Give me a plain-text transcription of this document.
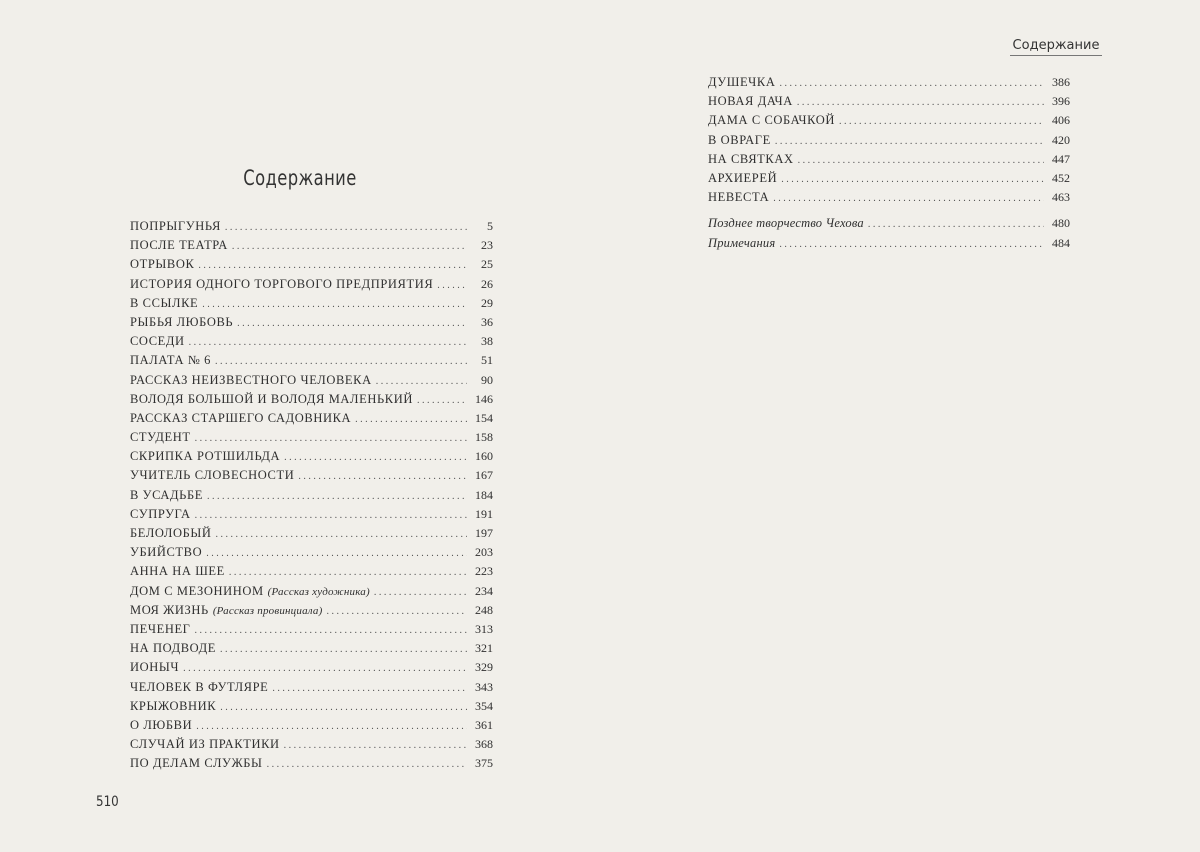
Содержание
ПОПРЫГУНЬЯ . . .	5
ПОСЛЕ ТЕАТРА . . .	23
ОТРЫВОК . . .	25
ИСТОРИЯ ОДНОГО ТОРГОВОГО ПРЕДПРИЯТИЯ . . .	26
В ССЫЛКЕ . . .	29
РЫБЬЯ ЛЮБОВЬ . . .	36
СОСЕДИ . . .	38
ПАЛАТА № 6 . . .	51
РАССКАЗ НЕИЗВЕСТНОГО ЧЕЛОВЕКА . . .	90
ВОЛОДЯ БОЛЬШОЙ И ВОЛОДЯ МАЛЕНЬКИЙ . . .	146
РАССКАЗ СТАРШЕГО САДОВНИКА . . .	154
СТУДЕНТ . . .	158
СКРИПКА РОТШИЛЬДА . . .	160
УЧИТЕЛЬ СЛОВЕСНОСТИ . . .	167
В УСАДЬБЕ . . .	184
СУПРУГА . . .	191
БЕЛОЛОБЫЙ . . .	197
УБИЙСТВО . . .	203
АННА НА ШЕЕ . . .	223
ДОМ С МЕЗОНИНОМ (Рассказ художника) . . .	234
МОЯ ЖИЗНЬ (Рассказ провинциала) . . .	248
ПЕЧЕНЕГ . . .	313
НА ПОДВОДЕ . . .	321
ИОНЫЧ . . .	329
ЧЕЛОВЕК В ФУТЛЯРЕ . . .	343
КРЫЖОВНИК . . .	354
О ЛЮБВИ . . .	361
СЛУЧАЙ ИЗ ПРАКТИКИ . . .	368
ПО ДЕЛАМ СЛУЖБЫ . . .	375
510
Содержание
ДУШЕЧКА . . .	386
НОВАЯ ДАЧА . . .	396
ДАМА С СОБАЧКОЙ . . .	406
В ОВРАГЕ . . .	420
НА СВЯТКАХ . . .	447
АРХИЕРЕЙ . . .	452
НЕВЕСТА . . .	463
Позднее творчество Чехова . . .	480
Примечания . . .	484
